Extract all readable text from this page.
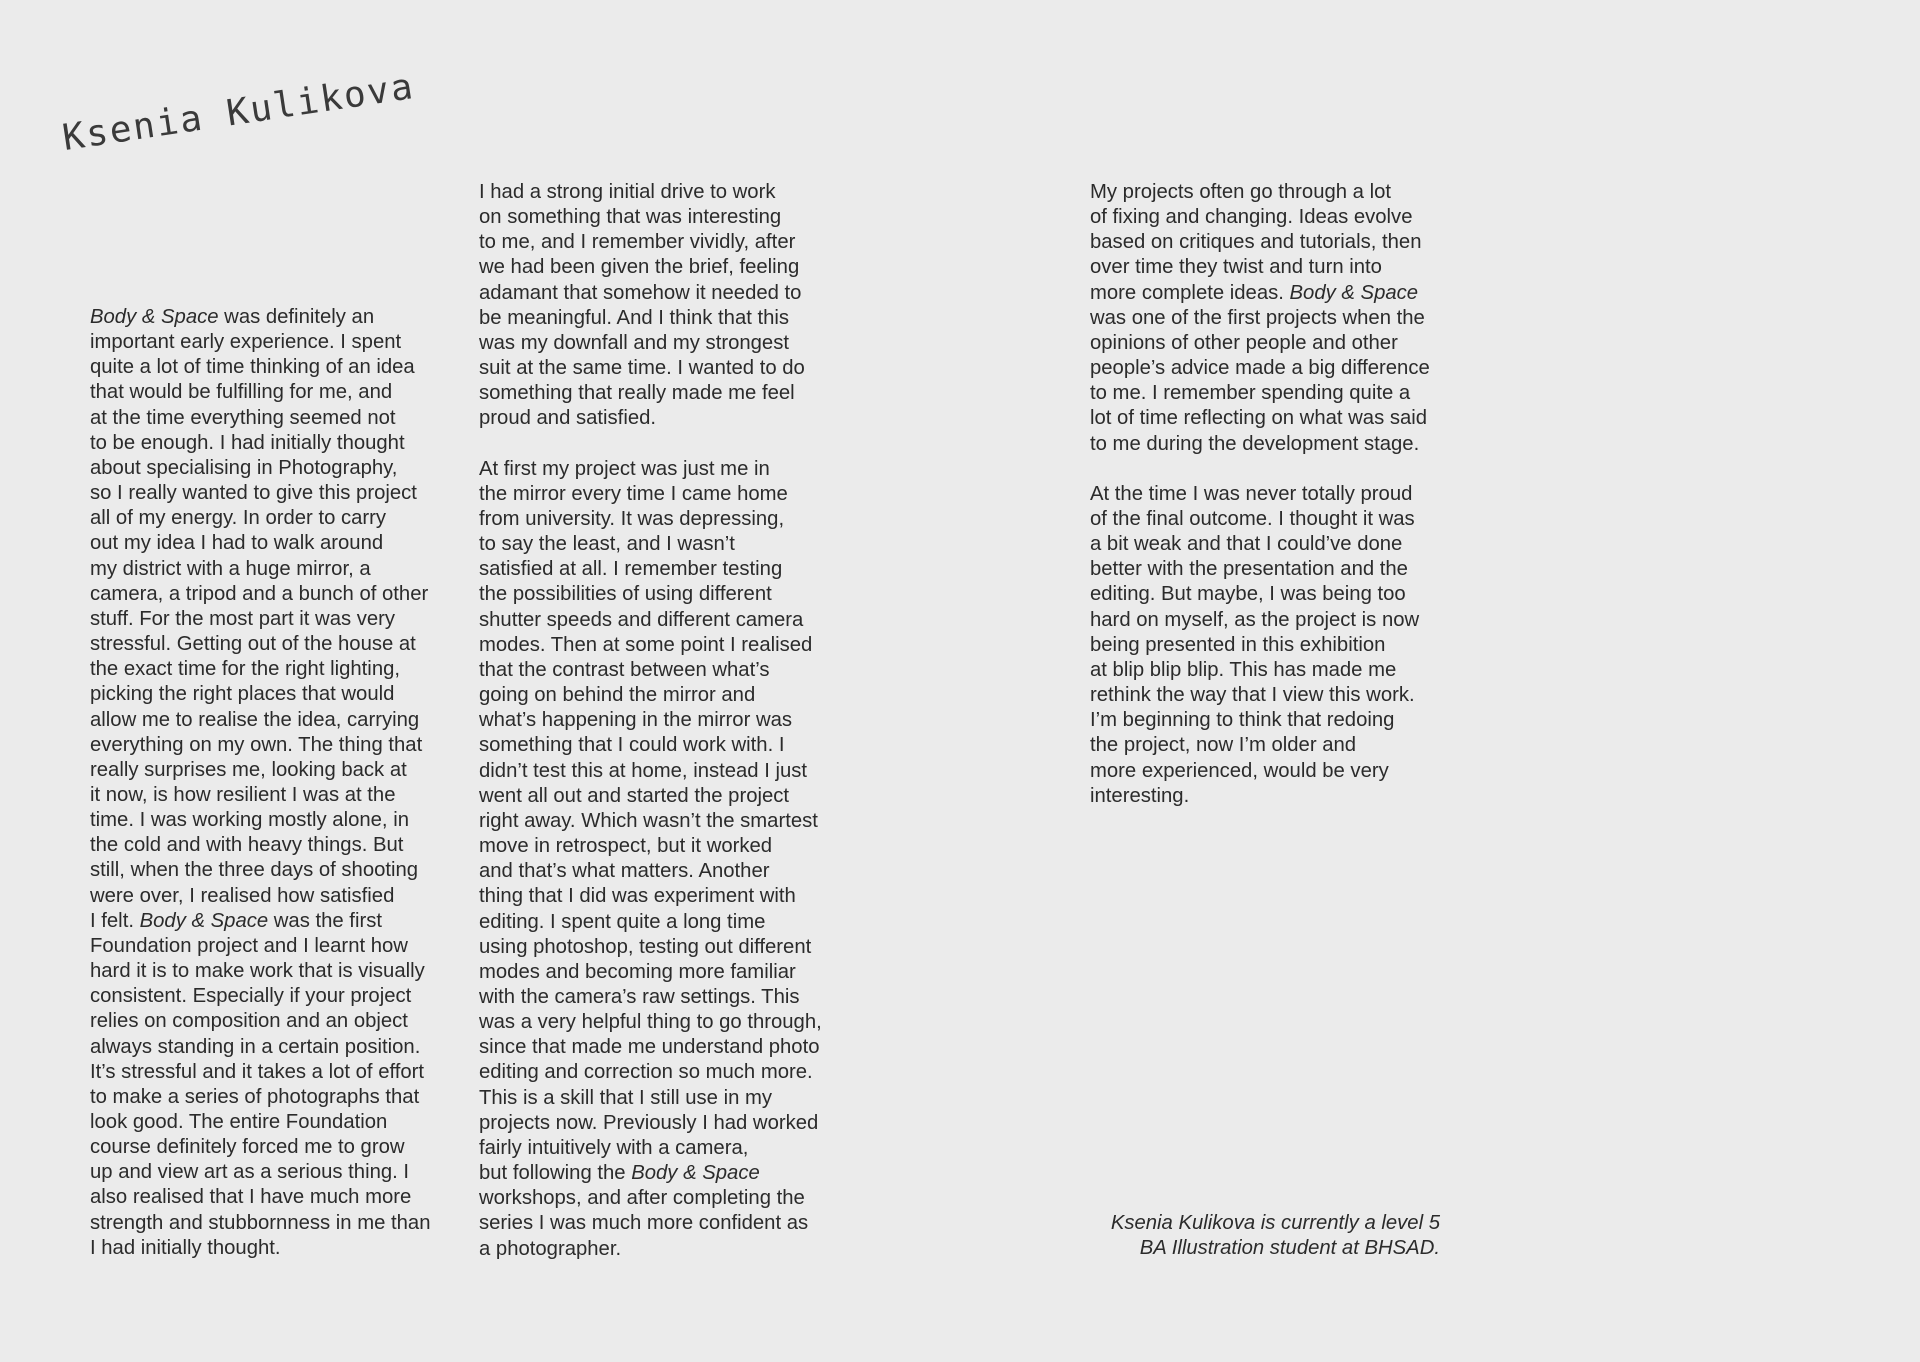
Ksenia Kulikova

Body & Space was definitely an
important early experience. I spent
quite a lot of time thinking of an idea
that would be fulfilling for me, and
at the time everything seemed not
to be enough. I had initially thought
about specialising in Photography,
so I really wanted to give this project
all of my energy. In order to carry
out my idea I had to walk around
my district with a huge mirror, a
camera, a tripod and a bunch of other
stuff. For the most part it was very
stressful. Getting out of the house at
the exact time for the right lighting,
picking the right places that would
allow me to realise the idea, carrying
everything on my own. The thing that
really surprises me, looking back at
it now, is how resilient I was at the
time. I was working mostly alone, in
the cold and with heavy things. But
still, when the three days of shooting
were over, I realised how satisfied
I felt. Body & Space was the first
Foundation project and I learnt how
hard it is to make work that is visually
consistent. Especially if your project
relies on composition and an object
always standing in a certain position.
It’s stressful and it takes a lot of effort
to make a series of photographs that
look good. The entire Foundation
course definitely forced me to grow
up and view art as a serious thing. I
also realised that I have much more
strength and stubbornness in me than
I had initially thought.

I had a strong initial drive to work
on something that was interesting
to me, and I remember vividly, after
we had been given the brief, feeling
adamant that somehow it needed to
be meaningful. And I think that this
was my downfall and my strongest
suit at the same time. I wanted to do
something that really made me feel
proud and satisfied.

At first my project was just me in
the mirror every time I came home
from university. It was depressing,
to say the least, and I wasn’t
satisfied at all. I remember testing
the possibilities of using different
shutter speeds and different camera
modes. Then at some point I realised
that the contrast between what’s
going on behind the mirror and
what’s happening in the mirror was
something that I could work with. I
didn’t test this at home, instead I just
went all out and started the project
right away. Which wasn’t the smartest
move in retrospect, but it worked
and that’s what matters. Another
thing that I did was experiment with
editing. I spent quite a long time
using photoshop, testing out different
modes and becoming more familiar
with the camera’s raw settings. This
was a very helpful thing to go through,
since that made me understand photo
editing and correction so much more.
This is a skill that I still use in my
projects now. Previously I had worked
fairly intuitively with a camera,
but following the Body & Space
workshops, and after completing the
series I was much more confident as
a photographer.

My projects often go through a lot
of fixing and changing. Ideas evolve
based on critiques and tutorials, then
over time they twist and turn into
more complete ideas. Body & Space
was one of the first projects when the
opinions of other people and other
people’s advice made a big difference
to me. I remember spending quite a
lot of time reflecting on what was said
to me during the development stage.

At the time I was never totally proud
of the final outcome. I thought it was
a bit weak and that I could’ve done
better with the presentation and the
editing. But maybe, I was being too
hard on myself, as the project is now
being presented in this exhibition
at blip blip blip. This has made me
rethink the way that I view this work.
I’m beginning to think that redoing
the project, now I’m older and
more experienced, would be very
interesting.

Ksenia Kulikova is currently a level 5
BA Illustration student at BHSAD.
